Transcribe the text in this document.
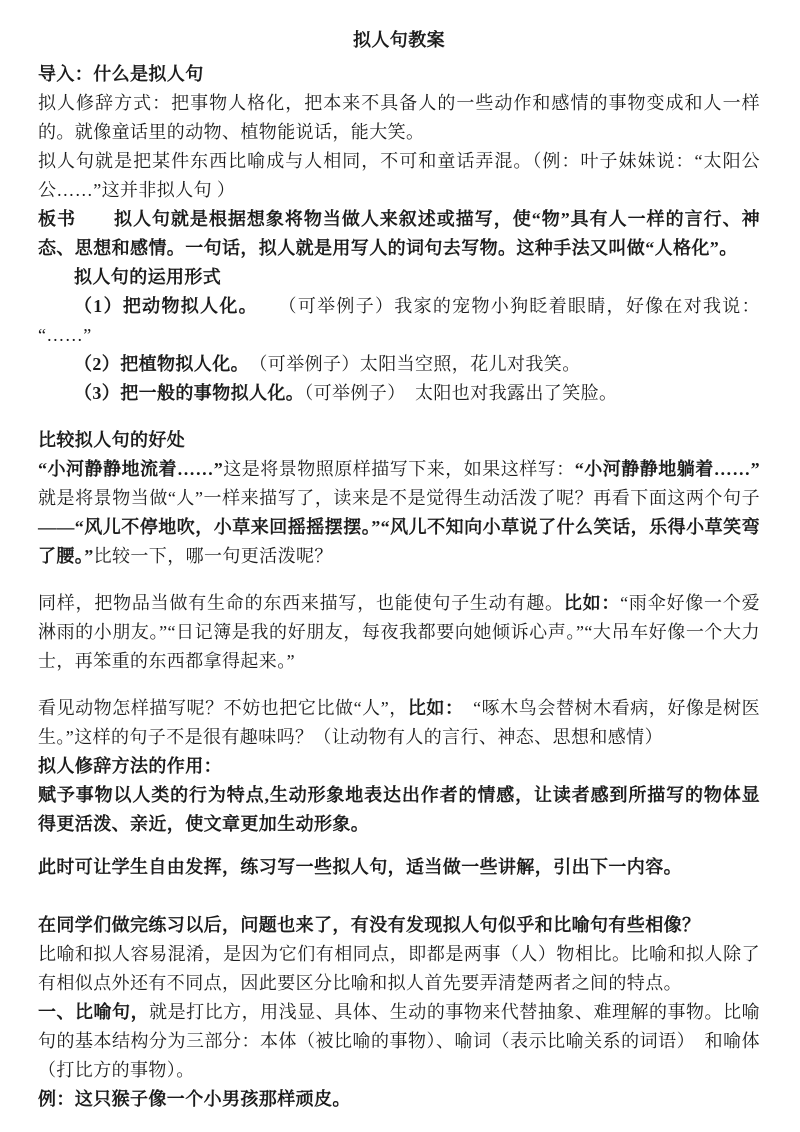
拟人句教案

导入：什么是拟人句

拟人修辞方式：把事物人格化，把本来不具备人的一些动作和感情的事物变成和人一样的。就像童话里的动物、植物能说话，能大笑。

拟人句就是把某件东西比喻成与人相同，不可和童话弄混。（例：叶子妹妹说：“太阳公公……”这并非拟人句 ）

板书　　拟人句就是根据想象将物当做人来叙述或描写，使“物”具有人一样的言行、神态、思想和感情。一句话，拟人就是用写人的词句去写物。这种手法又叫做“人格化”。

拟人句的运用形式

（1）把动物拟人化。　　（可举例子）我家的宠物小狗眨着眼睛，好像在对我说：“……”

（2）把植物拟人化。　（可举例子）太阳当空照，花儿对我笑。

（3）把一般的事物拟人化。（可举例子）　太阳也对我露出了笑脸。

比较拟人句的好处

“小河静静地流着……”这是将景物照原样描写下来，如果这样写：“小河静静地躺着……”就是将景物当做“人”一样来描写了，读来是不是觉得生动活泼了呢？再看下面这两个句子——“风儿不停地吹，小草来回摇摇摆摆。”“风儿不知向小草说了什么笑话，乐得小草笑弯了腰。”比较一下，哪一句更活泼呢？

同样，把物品当做有生命的东西来描写，也能使句子生动有趣。比如：“雨伞好像一个爱淋雨的小朋友。”“日记簿是我的好朋友，每夜我都要向她倾诉心声。”“大吊车好像一个大力士，再笨重的东西都拿得起来。”

看见动物怎样描写呢？不妨也把它比做“人”，比如：　“啄木鸟会替树木看病，好像是树医生。”这样的句子不是很有趣味吗？（让动物有人的言行、神态、思想和感情）

拟人修辞方法的作用：

赋予事物以人类的行为特点,生动形象地表达出作者的情感，让读者感到所描写的物体显得更活泼、亲近，使文章更加生动形象。

此时可让学生自由发挥，练习写一些拟人句，适当做一些讲解，引出下一内容。

在同学们做完练习以后，问题也来了，有没有发现拟人句似乎和比喻句有些相像？

比喻和拟人容易混淆，是因为它们有相同点，即都是两事（人）物相比。比喻和拟人除了有相似点外还有不同点，因此要区分比喻和拟人首先要弄清楚两者之间的特点。

一、比喻句，就是打比方，用浅显、具体、生动的事物来代替抽象、难理解的事物。比喻句的基本结构分为三部分：本体（被比喻的事物）、喻词（表示比喻关系的词语）　和喻体（打比方的事物）。

例：这只猴子像一个小男孩那样顽皮。
